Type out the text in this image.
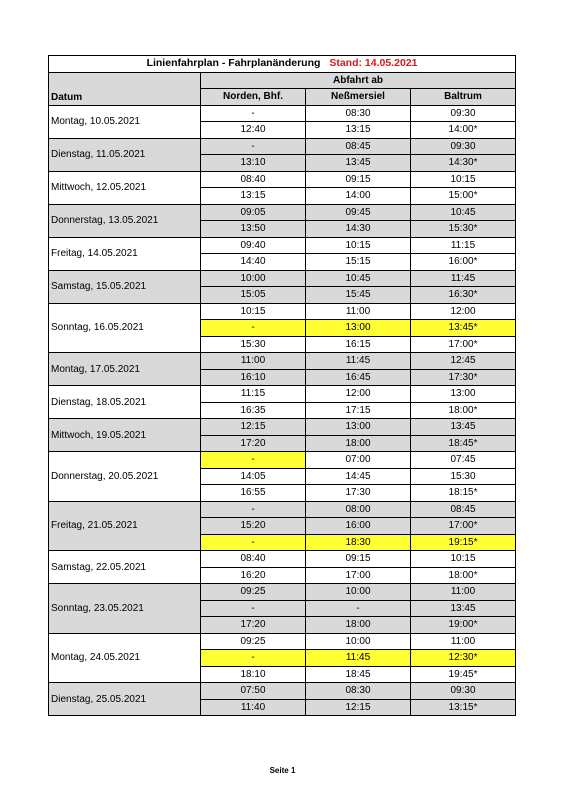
Linienfahrplan - Fahrplanänderung Stand: 14.05.2021			
Datum	Abfahrt ab		
	Norden, Bhf.	Neßmersiel	Baltrum
Montag, 10.05.2021	-	08:30	09:30
	12:40	13:15	14:00*
Dienstag, 11.05.2021	-	08:45	09:30
	13:10	13:45	14:30*
Mittwoch, 12.05.2021	08:40	09:15	10:15
	13:15	14:00	15:00*
Donnerstag, 13.05.2021	09:05	09:45	10:45
	13:50	14:30	15:30*
Freitag, 14.05.2021	09:40	10:15	11:15
	14:40	15:15	16:00*
Samstag, 15.05.2021	10:00	10:45	11:45
	15:05	15:45	16:30*
Sonntag, 16.05.2021	10:15	11:00	12:00
	-	13:00	13:45*
	15:30	16:15	17:00*
Montag, 17.05.2021	11:00	11:45	12:45
	16:10	16:45	17:30*
Dienstag, 18.05.2021	11:15	12:00	13:00
	16:35	17:15	18:00*
Mittwoch, 19.05.2021	12:15	13:00	13:45
	17:20	18:00	18:45*
Donnerstag, 20.05.2021	-	07:00	07:45
	14:05	14:45	15:30
	16:55	17:30	18:15*
Freitag, 21.05.2021	-	08:00	08:45
	15:20	16:00	17:00*
	-	18:30	19:15*
Samstag, 22.05.2021	08:40	09:15	10:15
	16:20	17:00	18:00*
Sonntag, 23.05.2021	09:25	10:00	11:00
	-	-	13:45
	17:20	18:00	19:00*
Montag, 24.05.2021	09:25	10:00	11:00
	-	11:45	12:30*
	18:10	18:45	19:45*
Dienstag, 25.05.2021	07:50	08:30	09:30
	11:40	12:15	13:15*
Seite 1
